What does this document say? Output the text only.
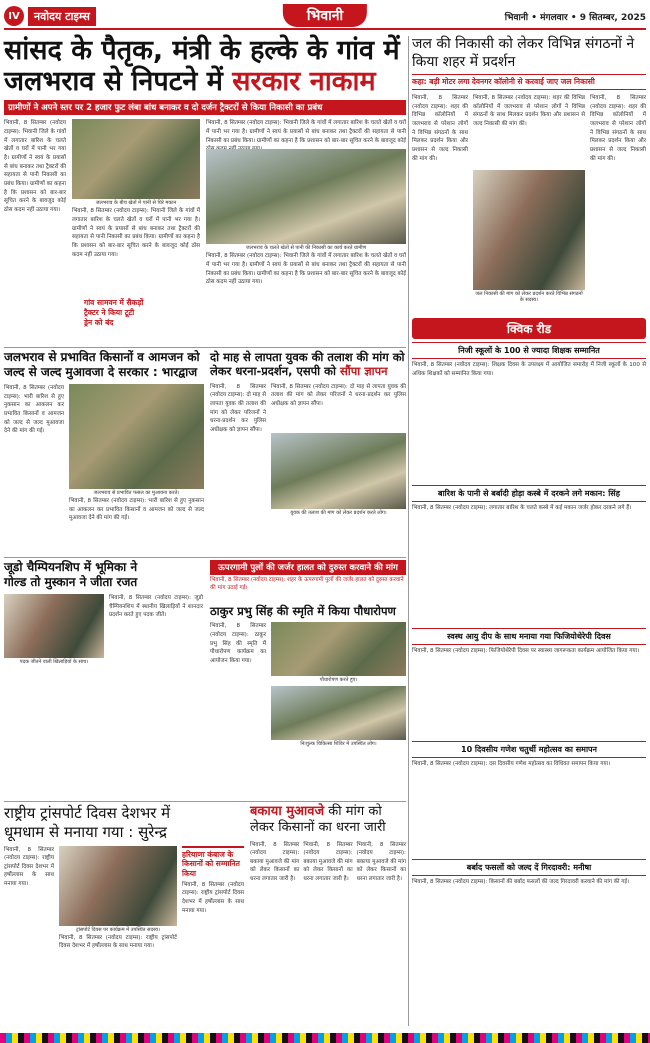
IV	नवोदय टाइम्स	भिवानी	भिवानी • मंगलवार • 9 सितम्बर, 2025
सांसद के पैतृक, मंत्री के हल्के के गांव में
जलभराव से निपटने में सरकार नाकाम
ग्रामीणों ने अपने स्तर पर 2 हजार फुट लंबा बांध बनाकर व दो दर्जन ट्रैक्टरों से किया निकासी का प्रबंध
भिवानी, 8 सितम्बर (नवोदय टाइम्स): भिवानी जिले के गांवों में लगातार बारिश के चलते खेतों व घरों में पानी भर गया है। ग्रामीणों ने स्वयं के प्रयासों से बांध बनाकर तथा ट्रैक्टरों की सहायता से पानी निकासी का प्रबंध किया। ग्रामीणों का कहना है कि प्रशासन को बार-बार सूचित करने के बावजूद कोई ठोस कदम नहीं उठाया गया।
जलभराव के बीच खेतों में पानी से घिरे मकान
भिवानी, 8 सितम्बर (नवोदय टाइम्स): भिवानी जिले के गांवों में लगातार बारिश के चलते खेतों व घरों में पानी भर गया है। ग्रामीणों ने स्वयं के प्रयासों से बांध बनाकर तथा ट्रैक्टरों की सहायता से पानी निकासी का प्रबंध किया। ग्रामीणों का कहना है कि प्रशासन को बार-बार सूचित करने के बावजूद कोई ठोस कदम नहीं उठाया गया।
भिवानी, 8 सितम्बर (नवोदय टाइम्स): भिवानी जिले के गांवों में लगातार बारिश के चलते खेतों व घरों में पानी भर गया है। ग्रामीणों ने स्वयं के प्रयासों से बांध बनाकर तथा ट्रैक्टरों की सहायता से पानी निकासी का प्रबंध किया। ग्रामीणों का कहना है कि प्रशासन को बार-बार सूचित करने के बावजूद कोई
जलभराव के चलते खेतों से पानी की निकासी का कार्य करते ग्रामीण
भिवानी, 8 सितम्बर (नवोदय टाइम्स): भिवानी जिले के गांवों में लगातार बारिश के चलते खेतों व घरों में पानी भर गया है। ग्रामीणों ने स्वयं के प्रयासों से बांध बनाकर तथा ट्रैक्टरों की सहायता से पानी निकासी का प्रबंध किया। ग्रामीणों का कहना है कि प्रशासन को बार-बार सूचित करने के बावजूद कोई ठोस कदम नहीं उठाया गया।
गांव सामवन में सैकड़ों ट्रैक्टर ने किया टूटी ड्रेन को बंद
जल की निकासी को लेकर विभिन्न संगठनों ने किया शहर में प्रदर्शन
कहा: बड़ी मोटर लगा देवनगर कॉलोनी से करवाई जाए जल निकासी
भिवानी, 8 सितम्बर (नवोदय टाइम्स): शहर की विभिन्न कॉलोनियों में जलभराव से परेशान लोगों ने विभिन्न संगठनों के साथ मिलकर प्रदर्शन किया और प्रशासन से जल्द निकासी की मांग की।
भिवानी, 8 सितम्बर (नवोदय टाइम्स): शहर की विभिन्न कॉलोनियों में जलभराव से परेशान लोगों ने विभिन्न संगठनों के साथ मिलकर प्रदर्शन किया और प्रशासन से जल्द निकासी की मांग की।
जल निकासी की मांग को लेकर प्रदर्शन करते विभिन्न संगठनों के सदस्य।
भिवानी, 8 सितम्बर (नवोदय टाइम्स): शहर की विभिन्न कॉलोनियों में जलभराव से परेशान लोगों ने विभिन्न संगठनों के साथ मिलकर प्रदर्शन किया और प्रशासन से जल्द निकासी की मांग की।
क्विक रीड
निजी स्कूलों के 100 से ज्यादा शिक्षक सम्मानित
भिवानी, 8 सितम्बर (नवोदय टाइम्स): शिक्षक दिवस के उपलक्ष्य में आयोजित समारोह में निजी स्कूलों के 100 से अधिक शिक्षकों को सम्मानित किया गया।
बारिश के पानी से बर्बादी होड़ा कस्बे में दरकने लगे मकान: सिंह
भिवानी, 8 सितम्बर (नवोदय टाइम्स): लगातार बारिश के चलते कस्बे में कई मकान जर्जर होकर दरकने लगे हैं।
स्वस्थ आयु दीप के साथ मनाया गया फिजियोथेरेपी दिवस
भिवानी, 8 सितम्बर (नवोदय टाइम्स): फिजियोथेरेपी दिवस पर स्वास्थ्य जागरूकता कार्यक्रम आयोजित किया गया।
10 दिवसीय गणेश चतुर्थी महोत्सव का समापन
भिवानी, 8 सितम्बर (नवोदय टाइम्स): दस दिवसीय गणेश महोत्सव का विधिवत समापन किया गया।
बर्बाद फसलों को जल्द दें गिरदावरी: मनीषा
भिवानी, 8 सितम्बर (नवोदय टाइम्स): किसानों की बर्बाद फसलों की जल्द गिरदावरी करवाने की मांग की गई।
जलभराव से प्रभावित किसानों व आमजन को जल्द से जल्द मुआवजा दे सरकार : भारद्वाज
भिवानी, 8 सितम्बर (नवोदय टाइम्स): भारी बारिश से हुए नुकसान का आकलन कर प्रभावित किसानों व आमजन को जल्द से जल्द मुआवजा देने की मांग की गई।
जलभराव से प्रभावित फसल का मुआयना करते।
भिवानी, 8 सितम्बर (नवोदय टाइम्स): भारी बारिश से हुए नुकसान का आकलन कर प्रभावित किसानों व आमजन को जल्द से जल्द मुआवजा देने की मांग की गई।
दो माह से लापता युवक की तलाश की मांग को लेकर धरना-प्रदर्शन, एसपी को सौंपा ज्ञापन
भिवानी, 8 सितम्बर (नवोदय टाइम्स): दो माह से लापता युवक की तलाश की मांग को लेकर परिजनों ने धरना-प्रदर्शन कर पुलिस अधीक्षक को ज्ञापन सौंपा।
भिवानी, 8 सितम्बर (नवोदय टाइम्स): दो माह से लापता युवक की तलाश की मांग को लेकर परिजनों ने धरना-प्रदर्शन कर पुलिस अधीक्षक को ज्ञापन सौंपा।
युवक की तलाश की मांग को लेकर प्रदर्शन करते लोग।
जूडो चैम्पियनशिप में भूमिका ने
गोल्ड तो मुस्कान ने जीता रजत
पदक जीतने वाली खिलाड़ियों के साथ।
भिवानी, 8 सितम्बर (नवोदय टाइम्स): जूडो चैम्पियनशिप में स्थानीय खिलाड़ियों ने शानदार प्रदर्शन करते हुए पदक जीते।
ऊपरगामी पुलों की जर्जर हालत को दुरुस्त करवाने की मांग
भिवानी, 8 सितम्बर (नवोदय टाइम्स): शहर के ऊपरगामी पुलों की जर्जर हालत को दुरुस्त करवाने की मांग उठाई गई।
ठाकुर प्रभु सिंह की स्मृति में किया पौधारोपण
भिवानी, 8 सितम्बर (नवोदय टाइम्स): ठाकुर प्रभु सिंह की स्मृति में पौधारोपण कार्यक्रम का आयोजन किया गया।
पौधारोपण करते हुए।
निःशुल्क चिकित्सा शिविर में उपस्थित लोग।
राष्ट्रीय ट्रांसपोर्ट दिवस देशभर में
धूमधाम से मनाया गया : सुरेन्द्र
भिवानी, 8 सितम्बर (नवोदय टाइम्स): राष्ट्रीय ट्रांसपोर्ट दिवस देशभर में हर्षोल्लास के साथ मनाया गया।
ट्रांसपोर्ट दिवस पर कार्यक्रम में उपस्थित सदस्य।
भिवानी, 8 सितम्बर (नवोदय टाइम्स): राष्ट्रीय ट्रांसपोर्ट दिवस देशभर में हर्षोल्लास के साथ मनाया गया।
हरियाणा कंबाज के किसानों को सम्मानित किया
भिवानी, 8 सितम्बर (नवोदय टाइम्स): राष्ट्रीय ट्रांसपोर्ट दिवस देशभर में हर्षोल्लास के साथ मनाया गया।
बकाया मुआवजे की मांग को
लेकर किसानों का धरना जारी
भिवानी, 8 सितम्बर (नवोदय टाइम्स): बकाया मुआवजे की मांग को लेकर किसानों का धरना लगातार जारी है।
भिवानी, 8 सितम्बर (नवोदय टाइम्स): बकाया मुआवजे की मांग को लेकर किसानों का धरना लगातार जारी है।
भिवानी, 8 सितम्बर (नवोदय टाइम्स): बकाया मुआवजे की मांग को लेकर किसानों का धरना लगातार जारी है।
